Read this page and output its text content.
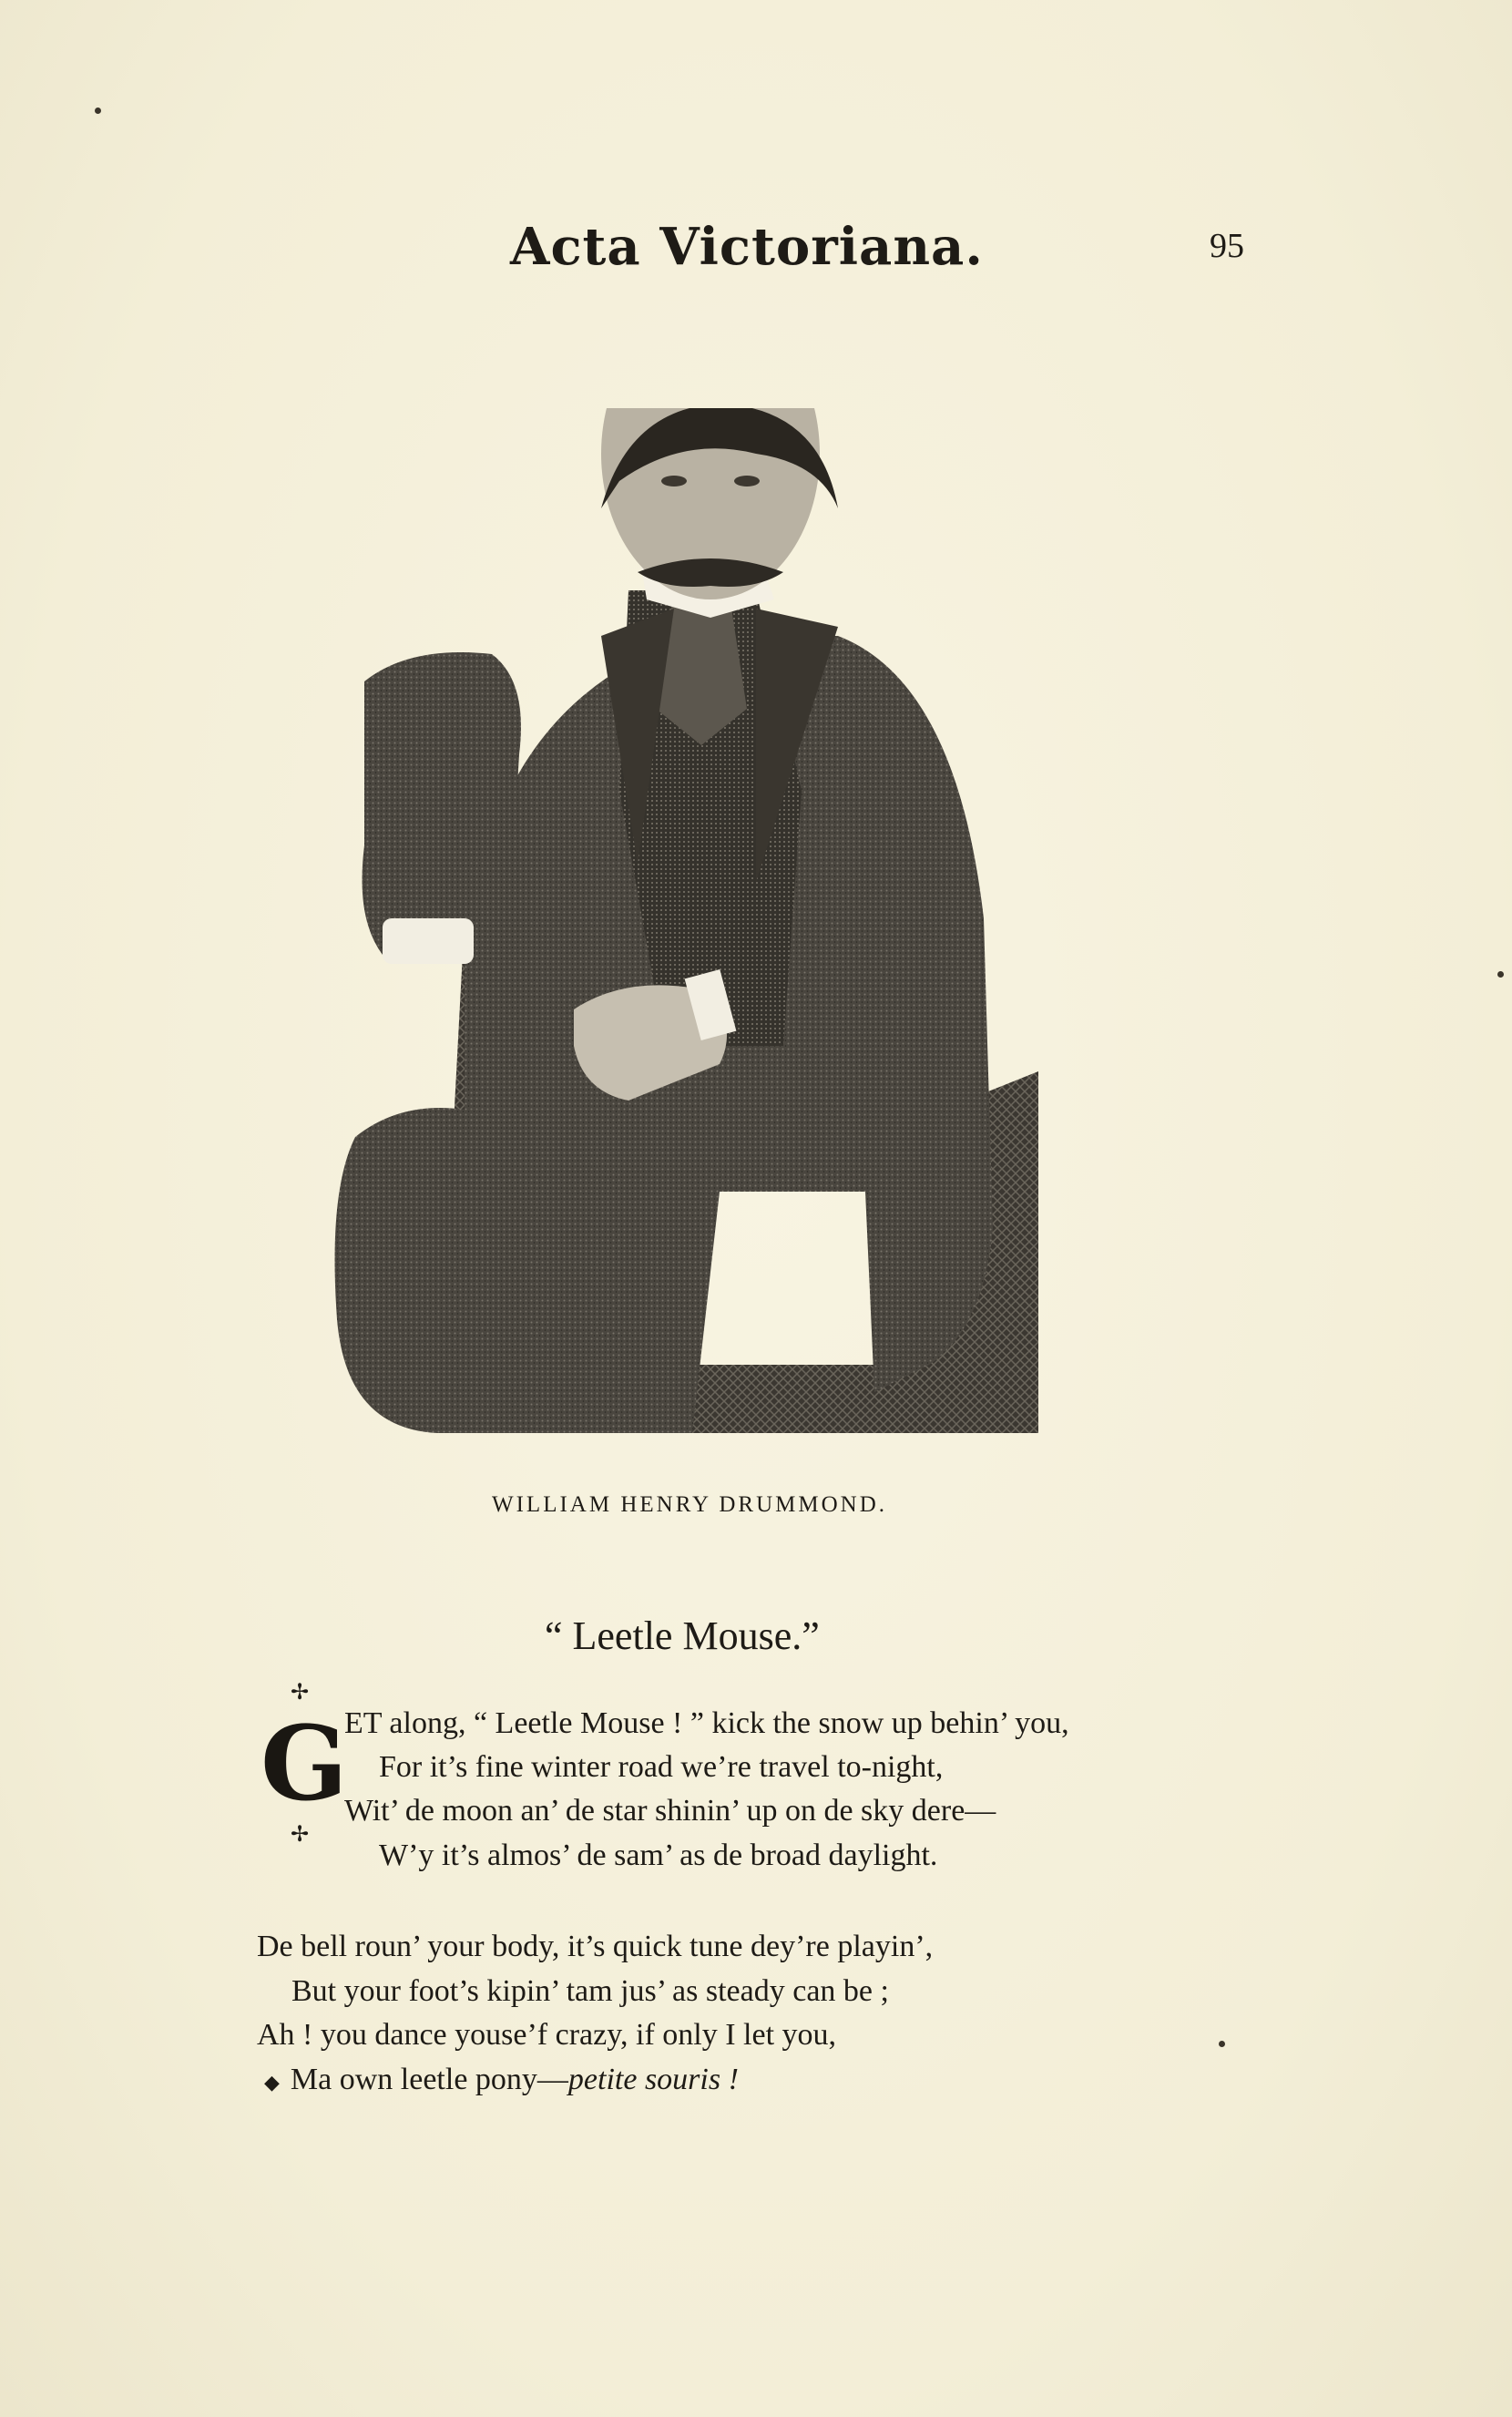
Acta Victoriana.	95
WILLIAM HENRY DRUMMOND.
“ Leetle Mouse.”
✢
G
✢
ET along, “ Leetle Mouse ! ” kick the snow up behin’ you,
For it’s fine winter road we’re travel to-night,
Wit’ de moon an’ de star shinin’ up on de sky dere—
W’y it’s almos’ de sam’ as de broad daylight.
De bell roun’ your body, it’s quick tune dey’re playin’,
But your foot’s kipin’ tam jus’ as steady can be ;
Ah ! you dance youse’f crazy, if only I let you,
◆ Ma own leetle pony—petite souris !
